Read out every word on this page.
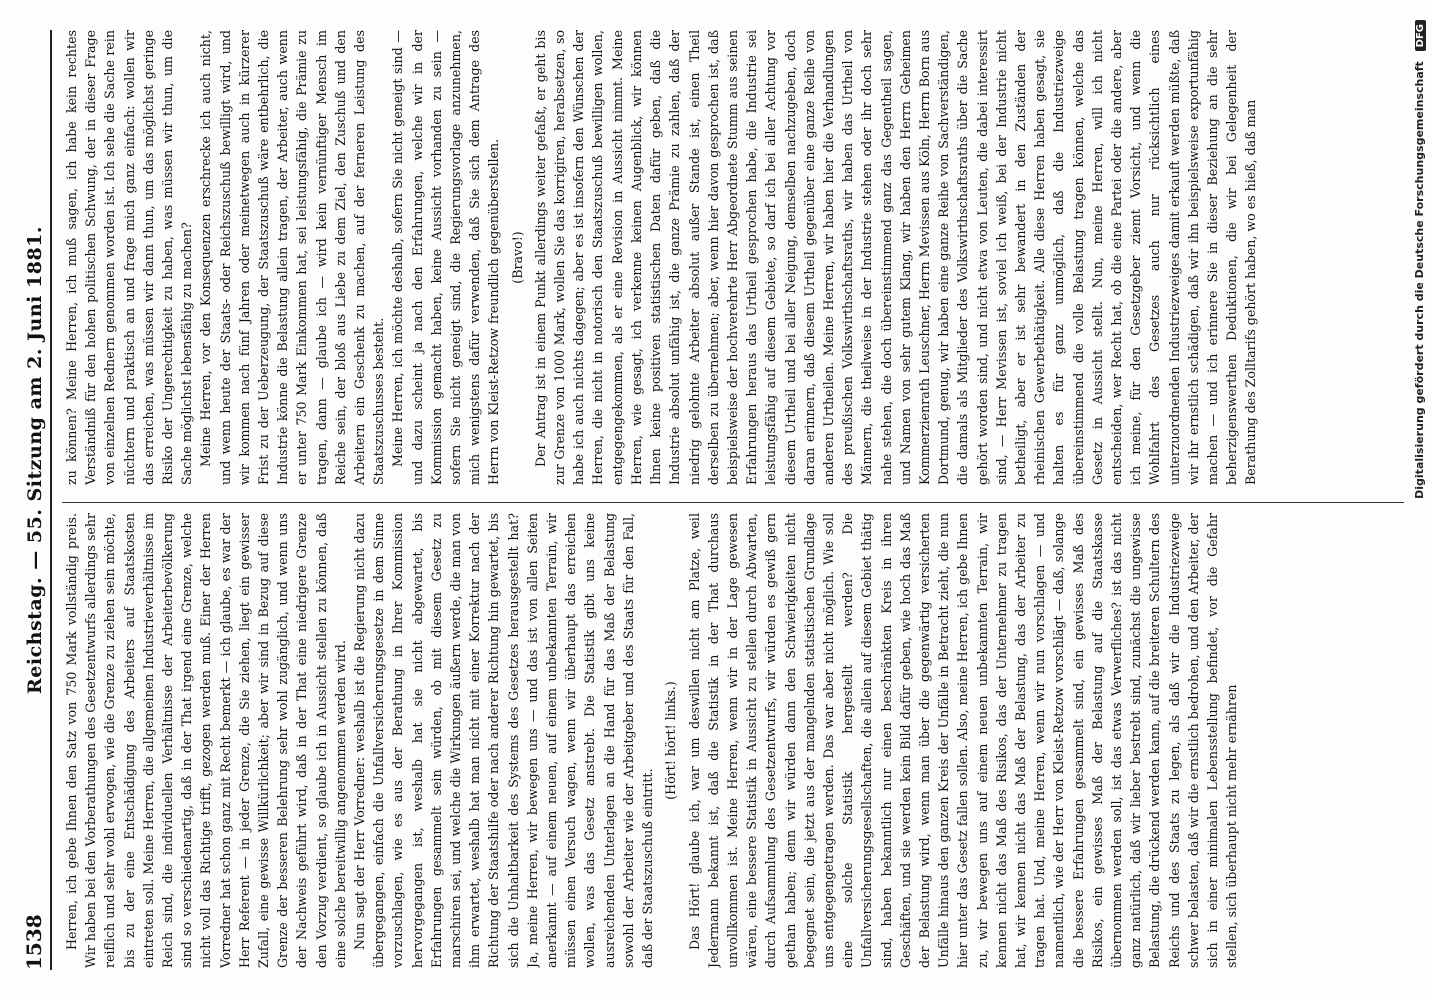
1538
Reichstag. — 55. Sitzung am 2. Juni 1881.

Herren, ich gebe Ihnen den Satz von 750 Mark vollständig preis. Wir haben bei den Vorberathungen des Gesetzentwurfs allerdings sehr reiflich und sehr wohl erwogen, wie die Grenze zu ziehen sein möchte, bis zu der eine Entschädigung des Arbeiters auf Staatskosten eintreten soll. Meine Herren, die allgemeinen Industrieverhältnisse im Reich sind, die individuellen Verhältnisse der Arbeiterbevölkerung sind so verschiedenartig, daß in der That irgend eine Grenze, welche nicht voll das Richtige trifft, gezogen werden muß. Einer der Herren Vorredner hat schon ganz mit Recht bemerkt — ich glaube, es war der Herr Referent — in jeder Grenze, die Sie ziehen, liegt ein gewisser Zufall, eine gewisse Willkürlichkeit; aber wir sind in Bezug auf diese Grenze der besseren Belehrung sehr wohl zugänglich, und wenn uns der Nachweis geführt wird, daß in der That eine niedrigere Grenze den Vorzug verdient, so glaube ich in Aussicht stellen zu können, daß eine solche bereitwillig angenommen werden wird. Nun sagt der Herr Vorredner: weshalb ist die Regierung nicht dazu übergegangen, einfach die Unfallversicherungsgesetze in dem Sinne vorzuschlagen, wie es aus der Berathung in Ihrer Kommission hervorgegangen ist, weshalb hat sie nicht abgewartet, bis Erfahrungen gesammelt sein würden, ob mit diesem Gesetz zu marschiren sei, und welche die Wirkungen äußern werde, die man von ihm erwartet, weshalb hat man nicht mit einer Korrektur nach der Richtung der Staatshilfe oder nach anderer Richtung hin gewartet, bis sich die Unhaltbarkeit des Systems des Gesetzes herausgestellt hat? Ja, meine Herren, wir bewegen uns — und das ist von allen Seiten anerkannt — auf einem neuen, auf einem unbekannten Terrain, wir müssen einen Versuch wagen, wenn wir überhaupt das erreichen wollen, was das Gesetz anstrebt. Die Statistik gibt uns keine ausreichenden Unterlagen an die Hand für das Maß der Belastung sowohl der Arbeiter wie der Arbeitgeber und des Staats für den Fall, daß der Staatszuschuß eintritt.

(Hört! hört! links.) Das Hört! glaube ich, war um deswillen nicht am Platze, weil Jedermann bekannt ist, daß die Statistik in der That durchaus unvollkommen ist. Meine Herren, wenn wir in der Lage gewesen wären, eine bessere Statistik in Aussicht zu stellen durch Abwarten, durch Aufsammlung des Gesetzentwurfs, wir würden es gewiß gern gethan haben; denn wir würden dann den Schwierigkeiten nicht begegnet sein, die jetzt aus der mangelnden statistischen Grundlage uns entgegengetragen werden. Das war aber nicht möglich. Wie soll eine solche Statistik hergestellt werden? Die Unfallversicherungsgesellschaften, die allein auf diesem Gebiet thätig sind, haben bekanntlich nur einen beschränkten Kreis in ihren Geschäften, und sie werden kein Bild dafür geben, wie hoch das Maß der Belastung wird, wenn man über die gegenwärtig versicherten Unfälle hinaus den ganzen Kreis der Unfälle in Betracht zieht, die nun hier unter das Gesetz fallen sollen. Also, meine Herren, ich gebe Ihnen zu, wir bewegen uns auf einem neuen unbekannten Terrain, wir kennen nicht das Maß des Risikos, das der Unternehmer zu tragen hat, wir kennen nicht das Maß der Belastung, das der Arbeiter zu tragen hat. Und, meine Herren, wenn wir nun vorschlagen — und namentlich, wie der Herr von Kleist-Retzow vorschlägt — daß, solange die bessere Erfahrungen gesammelt sind, ein gewisses Maß des Risikos, ein gewisses Maß der Belastung auf die Staatskasse übernommen werden soll, ist das etwas Verwerfliches? ist das nicht ganz natürlich, daß wir lieber bestrebt sind, zunächst die ungewisse Belastung, die drückend werden kann, auf die breiteren Schultern des Reichs und des Staats zu legen, als daß wir die Industriezweige schwer belasten, daß wir die ernstlich bedrohen, und den Arbeiter, der sich in einer minimalen Lebensstellung befindet, vor die Gefahr stellen, sich überhaupt nicht mehr ernähren

zu können? Meine Herren, ich muß sagen, ich habe kein rechtes Verständniß für den hohen politischen Schwung, der in dieser Frage von einzelnen Rednern genommen worden ist. Ich sehe die Sache rein nüchtern und praktisch an und frage mich ganz einfach: wollen wir das erreichen, was müssen wir dann thun, um das möglichst geringe Risiko der Ungerechtigkeit zu haben, was müssen wir thun, um die Sache möglichst lebensfähig zu machen? Meine Herren, vor den Konsequenzen erschrecke ich auch nicht, und wenn heute der Staats- oder Reichszuschuß bewilligt wird, und wir kommen nach fünf Jahren oder meinetwegen auch in kürzerer Frist zu der Ueberzeugung, der Staatszuschuß wäre entbehrlich, die Industrie könne die Belastung allein tragen, der Arbeiter, auch wenn er unter 750 Mark Einkommen hat, sei leistungsfähig, die Prämie zu tragen, dann — glaube ich — wird kein vernünftiger Mensch im Reiche sein, der bloß aus Liebe zu dem Ziel, den Zuschuß und den Arbeitern ein Geschenk zu machen, auf der ferneren Leistung des Staatszuschusses besteht. Meine Herren, ich möchte deshalb, sofern Sie nicht geneigt sind — und dazu scheint ja nach den Erfahrungen, welche wir in der Kommission gemacht haben, keine Aussicht vorhanden zu sein — sofern Sie nicht geneigt sind, die Regierungsvorlage anzunehmen, mich wenigstens dafür verwenden, daß Sie sich dem Antrage des Herrn von Kleist-Retzow freundlich gegenüberstellen. (Bravo!) Der Antrag ist in einem Punkt allerdings weiter gefaßt, er geht bis zur Grenze von 1000 Mark, wollen Sie das korrigiren, herabsetzen, so habe ich auch nichts dagegen; aber es ist insofern den Wünschen der Herren, die nicht in notorisch den Staatszuschuß bewilligen wollen, entgegengekommen, als er eine Revision in Aussicht nimmt. Meine Herren, wie gesagt, ich verkenne keinen Augenblick, wir können Ihnen keine positiven statistischen Daten dafür geben, daß die Industrie absolut unfähig ist, die ganze Prämie zu zahlen, daß der niedrig gelohnte Arbeiter absolut außer Stande ist, einen Theil derselben zu übernehmen; aber, wenn hier davon gesprochen ist, daß beispielsweise der hochverehrte Herr Abgeordnete Stumm aus seinen Erfahrungen heraus das Urtheil gesprochen habe, die Industrie sei leistungsfähig auf diesem Gebiete, so darf ich bei aller Achtung vor diesem Urtheil und bei aller Neigung, demselben nachzugeben, doch daran erinnern, daß diesem Urtheil gegenüber eine ganze Reihe von anderen Urtheilen. Meine Herren, wir haben hier die Verhandlungen des preußischen Volkswirthschaftsraths, wir haben das Urtheil von Männern, die theilweise in der Industrie stehen oder ihr doch sehr nahe stehen, die doch übereinstimmend ganz das Gegentheil sagen, und Namen von sehr gutem Klang, wir haben den Herrn Geheimen Kommerzienrath Leuschner, Herrn Mevissen aus Köln, Herrn Born aus Dortmund, genug, wir haben eine ganze Reihe von Sachverständigen, die damals als Mitglieder des Volkswirthschaftsraths über die Sache gehört worden sind, und nicht etwa von Leuten, die dabei interessirt sind, — Herr Mevissen ist, soviel ich weiß, bei der Industrie nicht betheiligt, aber er ist sehr bewandert in den Zuständen der rheinischen Gewerbethätigkeit. Alle diese Herren haben gesagt, sie halten es für ganz unmöglich, daß die Industriezweige übereinstimmend die volle Belastung tragen können, welche das Gesetz in Aussicht stellt. Nun, meine Herren, will ich nicht entscheiden, wer Recht hat, ob die eine Partei oder die andere, aber ich meine, für den Gesetzgeber ziemt Vorsicht, und wenn die Wohlfahrt des Gesetzes auch nur rücksichtlich eines unterzuordnenden Industriezweiges damit erkauft werden müßte, daß wir ihr ernstlich schädigen, daß wir ihn beispielsweise exportunfähig machen — und ich erinnere Sie in dieser Beziehung an die sehr beherzigenswerthen Deduktionen, die wir bei Gelegenheit der Berathung des Zolltarifs gehört haben, wo es hieß, daß man	Digitalisierung gefördert durch die Deutsche Forschungsgemeinschaft DFG
